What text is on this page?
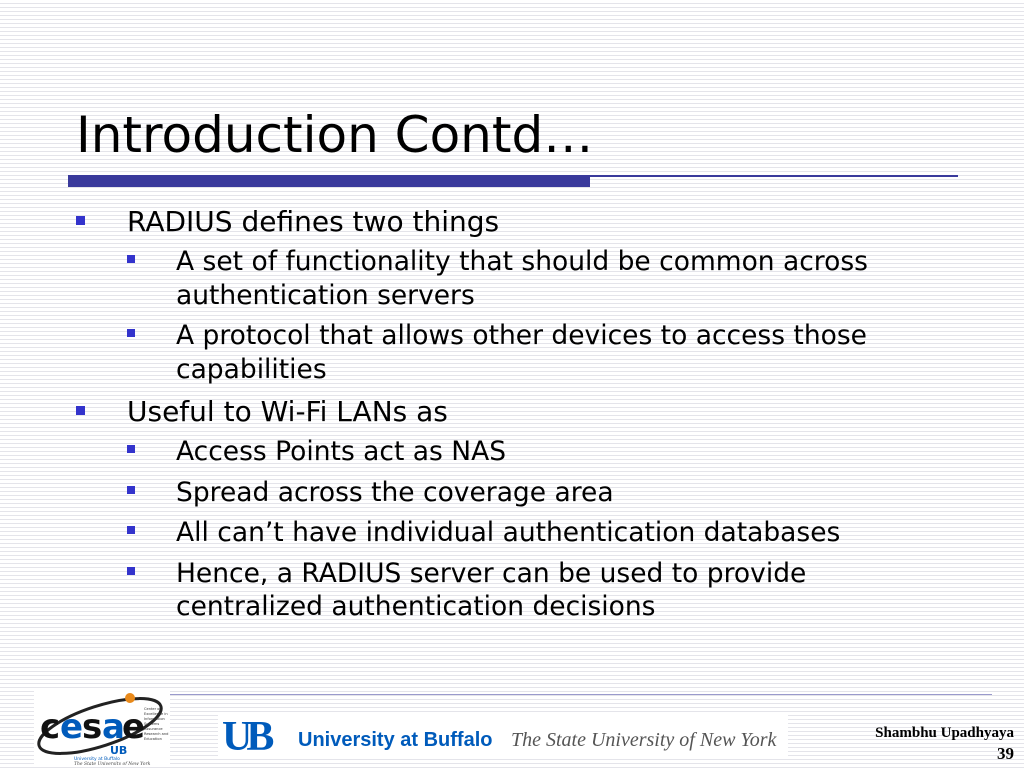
Introduction Contd…
RADIUS defines two things
A set of functionality that should be common across authentication servers
A protocol that allows other devices to access those capabilities
Useful to Wi-Fi LANs as
Access Points act as NAS
Spread across the coverage area
All can’t have individual authentication databases
Hence, a RADIUS server can be used to provide centralized authentication decisions
c e
s a
e
UB
University at Buffalo
The State University of New York
Center of
Excellence in
Information
Systems
Assurance
Research and
Education UB University at Buffalo The State University of New York	Shambhu Upadhyaya
39
